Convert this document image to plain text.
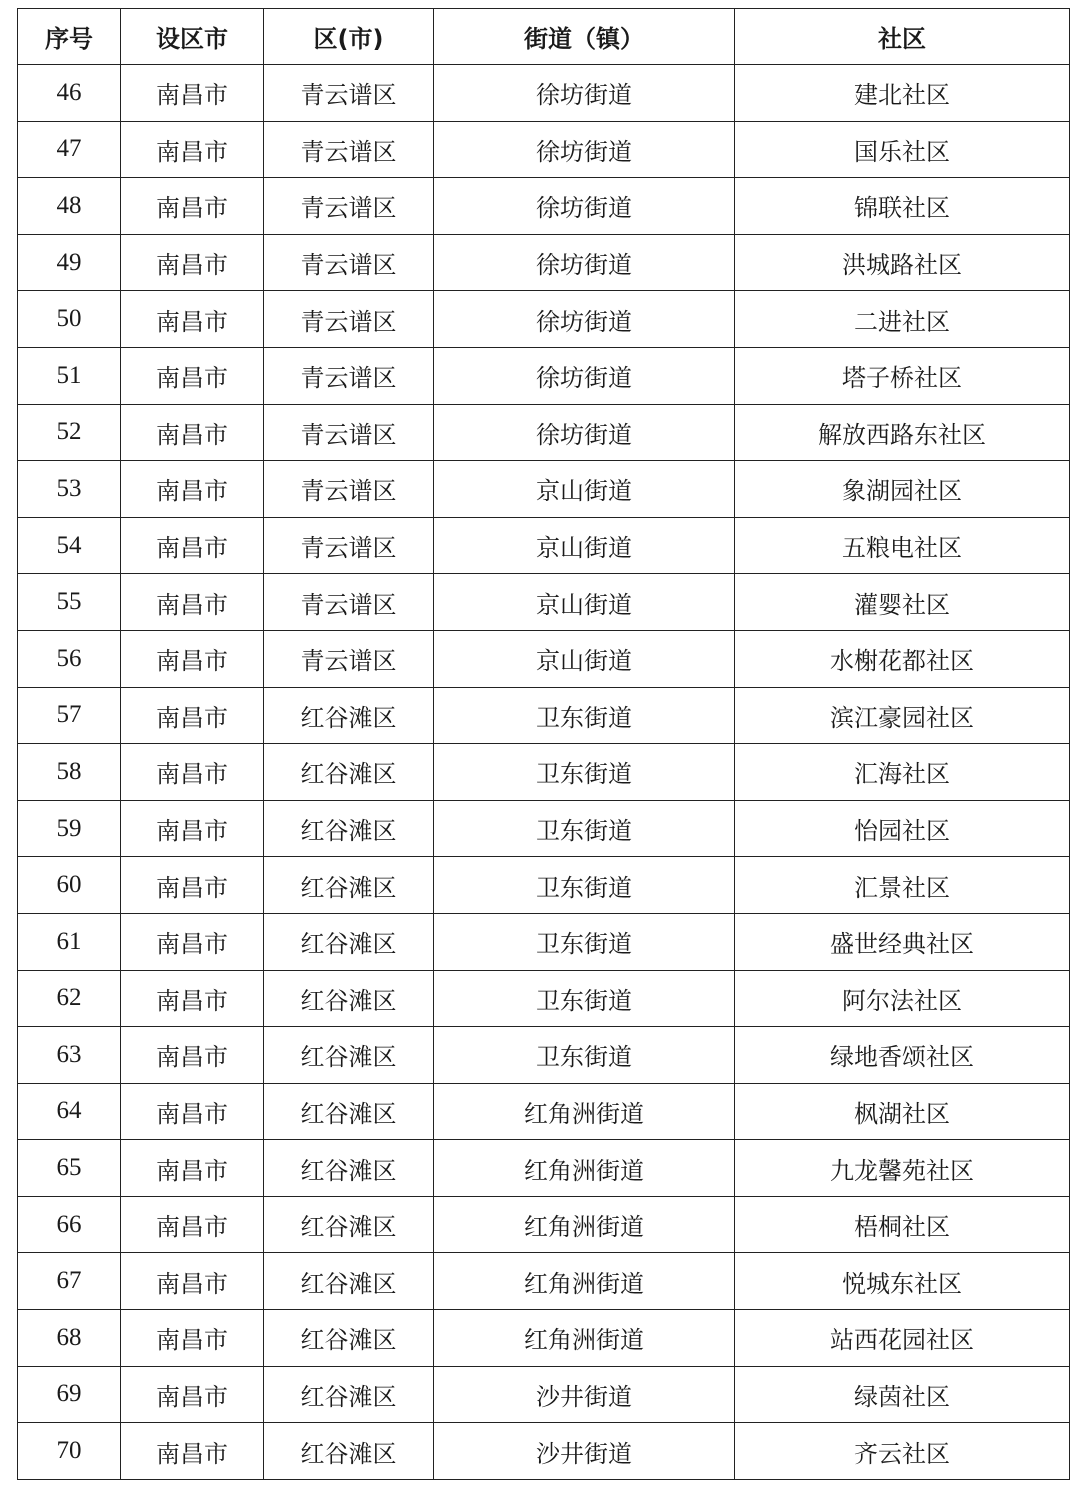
序号	设区市	区(市)	街道（镇）	社区
46	南昌市	青云谱区	徐坊街道	建北社区
47	南昌市	青云谱区	徐坊街道	国乐社区
48	南昌市	青云谱区	徐坊街道	锦联社区
49	南昌市	青云谱区	徐坊街道	洪城路社区
50	南昌市	青云谱区	徐坊街道	二进社区
51	南昌市	青云谱区	徐坊街道	塔子桥社区
52	南昌市	青云谱区	徐坊街道	解放西路东社区
53	南昌市	青云谱区	京山街道	象湖园社区
54	南昌市	青云谱区	京山街道	五粮电社区
55	南昌市	青云谱区	京山街道	灌婴社区
56	南昌市	青云谱区	京山街道	水榭花都社区
57	南昌市	红谷滩区	卫东街道	滨江豪园社区
58	南昌市	红谷滩区	卫东街道	汇海社区
59	南昌市	红谷滩区	卫东街道	怡园社区
60	南昌市	红谷滩区	卫东街道	汇景社区
61	南昌市	红谷滩区	卫东街道	盛世经典社区
62	南昌市	红谷滩区	卫东街道	阿尔法社区
63	南昌市	红谷滩区	卫东街道	绿地香颂社区
64	南昌市	红谷滩区	红角洲街道	枫湖社区
65	南昌市	红谷滩区	红角洲街道	九龙馨苑社区
66	南昌市	红谷滩区	红角洲街道	梧桐社区
67	南昌市	红谷滩区	红角洲街道	悦城东社区
68	南昌市	红谷滩区	红角洲街道	站西花园社区
69	南昌市	红谷滩区	沙井街道	绿茵社区
70	南昌市	红谷滩区	沙井街道	齐云社区
